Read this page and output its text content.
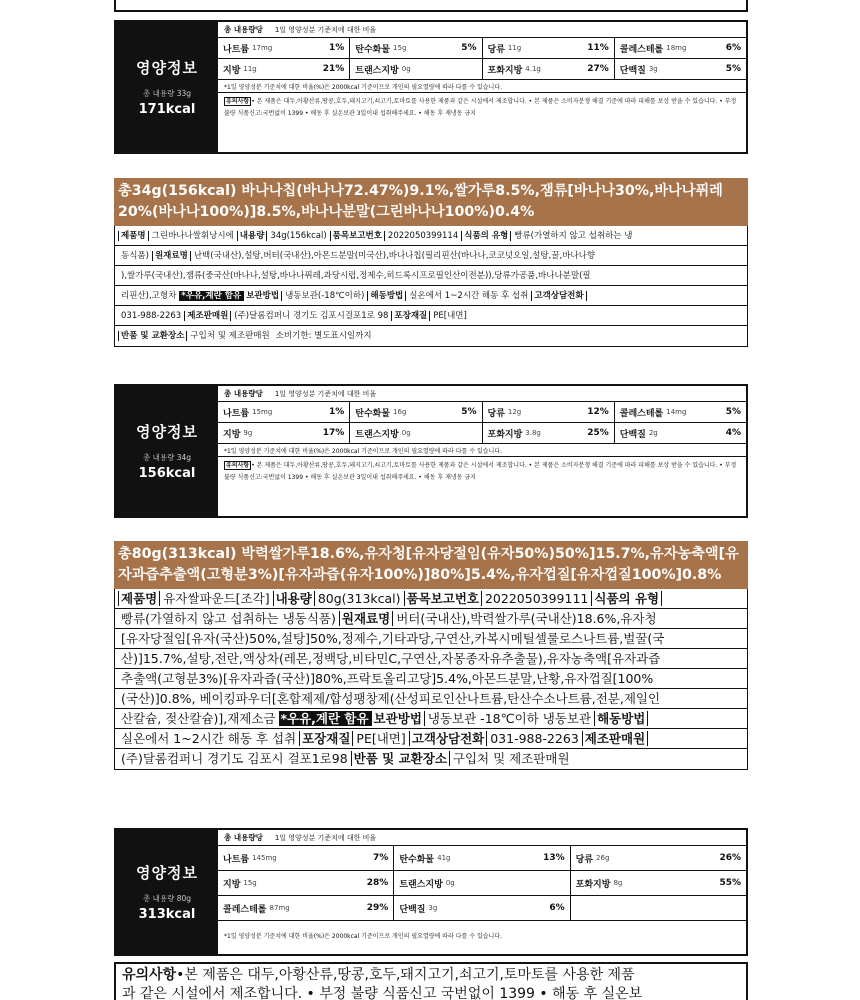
영양정보
총 내용량 33g
171kcal
총 내용량당 1일 영양성분 기준치에 대한 비율
나트륨 17mg	1% 탄수화물 15g	5% 당류 11g	11% 콜레스테롤 18mg	6%
지방 11g	21% 트랜스지방 0g	포화지방 4.1g	27% 단백질 3g	5%
*1일 영양성분 기준치에 대한 비율(%)은 2000kcal 기준이므로 개인의 필요열량에 따라 다를 수 있습니다.
유의사항 • 본 제품은 대두,아황산류,땅콩,호두,돼지고기,쇠고기,토마토를 사용한 제품과 같은 시설에서 제조합니다. • 본 제품은 소비자분쟁 해결 기준에 따라 피해를 보상 받을 수 있습니다. • 부정 불량 식품신고:국번없이 1399 • 해동 후 실온보관 3일이내 섭취해주세요. • 해동 후 재냉동 금지
총34g(156kcal) 바나나칩(바나나72.47%)9.1%,쌀가루8.5%,잼류[바나나30%,바나나퓌레20%(바나나100%)]8.5%,바나나분말(그린바나나100%)0.4%
제품명 그린바나나쌀휘낭시에 내용량 34g(156kcal) 품목보고번호 2022050399114 식품의 유형 빵류(가열하지 않고 섭취하는 냉
동식품) 원재료명 난백(국내산),설탕,버터(국내산),아몬드분말(미국산),바나나칩(필리핀산(바나나,코코넛오일,설탕,꿀,바나나향
),쌀가루(국내산),잼류(중국산(바나나,설탕,바나나퓌레,과당시럽,정제수,히드록시프로필인산이전분)),당류가공품,바나나분말(필
리핀산),고형차 *우유,계란 함유 보관방법 냉동보관(-18℃이하) 해동방법 실온에서 1~2시간 해동 후 섭취 고객상담전화
031-988-2263 제조판매원 (주)달롬컴퍼니 경기도 김포시걸포1로 98 포장재질 PE[내면]
반품 및 교환장소 구입처 및 제조판매원 소비기한: 별도표시일까지
영양정보
총 내용량 34g
156kcal
총 내용량당 1일 영양성분 기준치에 대한 비율
나트륨 15mg	1% 탄수화물 16g	5% 당류 12g	12% 콜레스테롤 14mg	5%
지방 9g	17% 트랜스지방 0g	포화지방 3.8g	25% 단백질 2g	4%
*1일 영양성분 기준치에 대한 비율(%)은 2000kcal 기준이므로 개인의 필요열량에 따라 다를 수 있습니다.
유의사항 • 본 제품은 대두,아황산류,땅콩,호두,돼지고기,쇠고기,토마토를 사용한 제품과 같은 시설에서 제조합니다. • 본 제품은 소비자분쟁 해결 기준에 따라 피해를 보상 받을 수 있습니다. • 부정 불량 식품신고:국번없이 1399 • 해동 후 실온보관 3일이내 섭취해주세요. • 해동 후 재냉동 금지
총80g(313kcal) 박력쌀가루18.6%,유자청[유자당절임(유자50%)50%]15.7%,유자농축액[유자과즙추출액(고형분3%)[유자과즙(유자100%)]80%]5.4%,유자껍질[유자껍질100%]0.8%
제품명 유자쌀파운드[조각] 내용량 80g(313kcal) 품목보고번호 2022050399111 식품의 유형
빵류(가열하지 않고 섭취하는 냉동식품) 원재료명 버터(국내산),박력쌀가루(국내산)18.6%,유자청
[유자당절임[유자(국산)50%,설탕]50%,정제수,기타과당,구연산,카복시메틸셀룰로스나트륨,벌꿀(국
산)]15.7%,설탕,전란,액상차(레몬,정백당,비타민C,구연산,자몽종자유추출물),유자농축액[유자과즙
추출액(고형분3%)[유자과즙(국산)]80%,프락토올리고당]5.4%,아몬드분말,난황,유자껍질[100%
(국산)]0.8%, 베이킹파우더[혼합제제/합성팽창제(산성피로인산나트륨,탄산수소나트륨,전분,제일인
산칼슘, 젖산칼슘)],재제소금 *우유,계란 함유 보관방법 냉동보관 -18℃이하 냉동보관 해동방법
실온에서 1~2시간 해동 후 섭취 포장재질 PE[내면] 고객상담전화 031-988-2263 제조판매원
(주)달롬컴퍼니 경기도 김포시 걸포1로98 반품 및 교환장소 구입처 및 제조판매원
영양정보
총 내용량 80g
313kcal
총 내용량당 1일 영양성분 기준치에 대한 비율
나트륨 145mg	7% 탄수화물 41g	13% 당류 26g	26%
지방 15g	28% 트랜스지방 0g	포화지방 8g	55%
콜레스테롤 87mg	29% 단백질 3g	6%
*1일 영양성분 기준치에 대한 비율(%)은 2000kcal 기준이므로 개인의 필요열량에 따라 다를 수 있습니다.
유의사항•본 제품은 대두,아황산류,땅콩,호두,돼지고기,쇠고기,토마토를 사용한 제품
과 같은 시설에서 제조합니다. • 부정 불량 식품신고 국번없이 1399 • 해동 후 실온보
